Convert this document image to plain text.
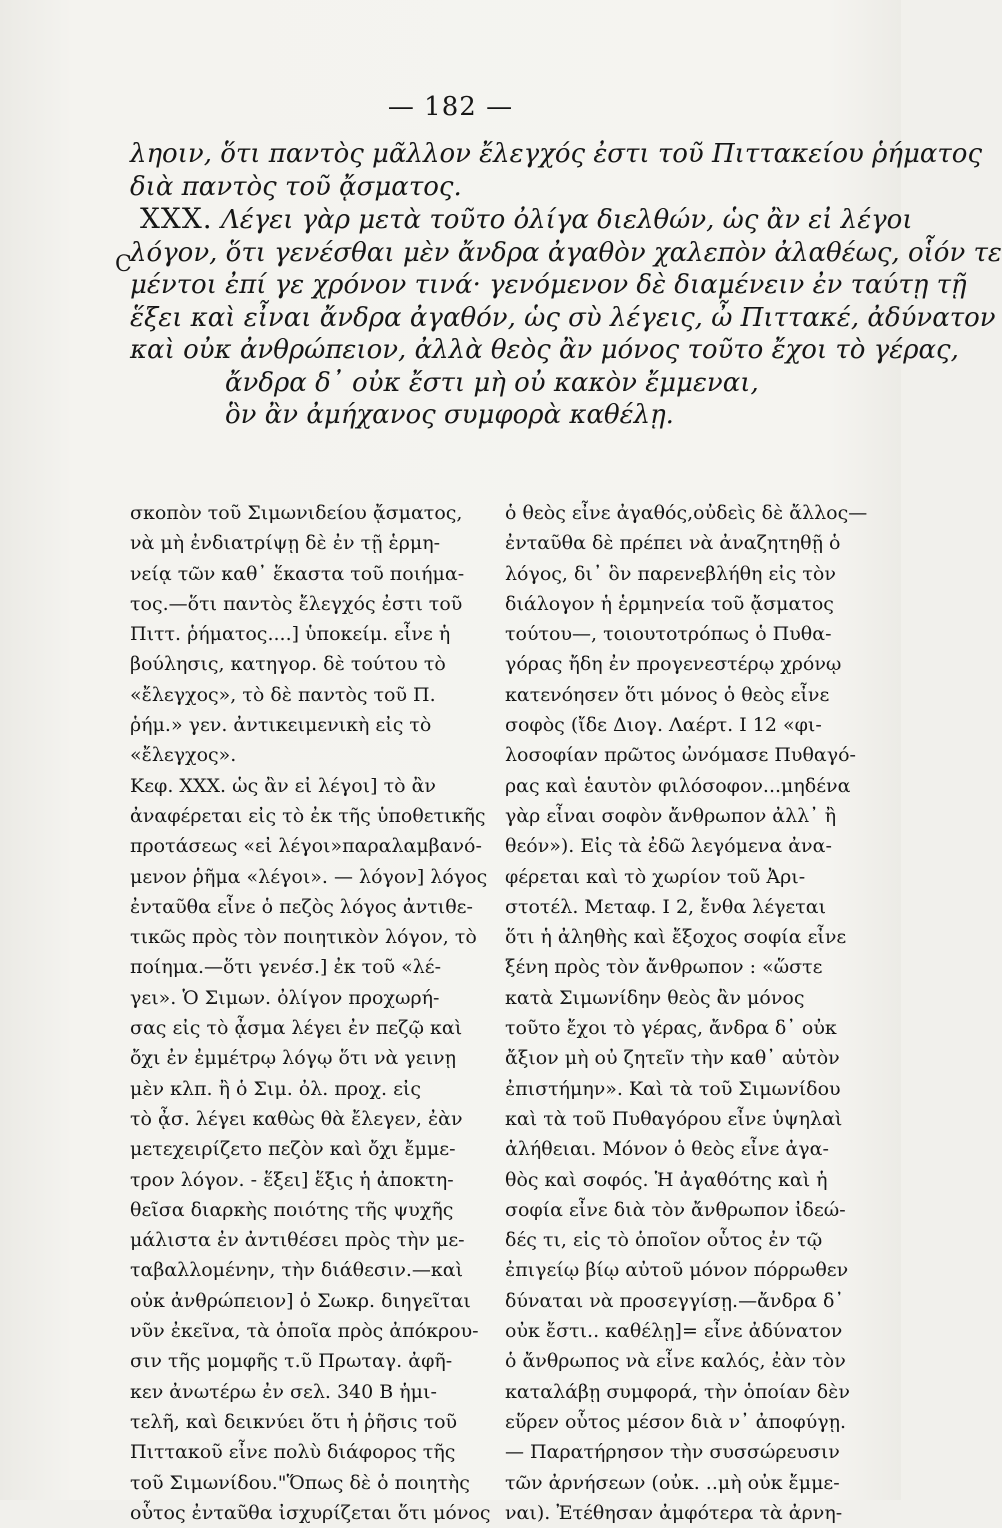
— 182 —
C
ληοιν, ὅτι παντὸς μᾶλλον ἔλεγχός ἐστι τοῦ Πιττακείου ῥήματος
διὰ παντὸς τοῦ ᾄσματος.
XXX. Λέγει γὰρ μετὰ τοῦτο ὀλίγα διελθών, ὡς ἂν εἰ λέγοι
λόγον, ὅτι γενέσθαι μὲν ἄνδρα ἀγαθὸν χαλεπὸν ἀλαθέως, οἷόν τε
μέντοι ἐπί γε χρόνον τινά· γενόμενον δὲ διαμένειν ἐν ταύτῃ τῇ
ἕξει καὶ εἶναι ἄνδρα ἀγαθόν, ὡς σὺ λέγεις, ὦ Πιττακέ, ἀδύνατον
καὶ οὐκ ἀνθρώπειον, ἀλλὰ θεὸς ἂν μόνος τοῦτο ἔχοι τὸ γέρας,
ἄνδρα δ᾽ οὐκ ἔστι μὴ οὐ κακὸν ἔμμεναι,
ὃν ἂν ἀμήχανος συμφορὰ καθέλῃ.
σκοπὸν τοῦ Σιμωνιδείου ᾄσματος,
νὰ μὴ ἐνδιατρίψῃ δὲ ἐν τῇ ἑρμη-
νείᾳ τῶν καθ᾽ ἕκαστα τοῦ ποιήμα-
τος.—ὅτι παντὸς ἔλεγχός ἐστι τοῦ
Πιττ. ῥήματος....] ὑποκείμ. εἶνε ἡ
βούλησις, κατηγορ. δὲ τούτου τὸ
«ἔλεγχος», τὸ δὲ παντὸς τοῦ Π.
ῥήμ.» γεν. ἀντικειμενικὴ εἰς τὸ
«ἔλεγχος».
Κεφ. XXX. ὡς ἂν εἰ λέγοι] τὸ ἂν
ἀναφέρεται εἰς τὸ ἐκ τῆς ὑποθετικῆς
προτάσεως «εἰ λέγοι»παραλαμβανό-
μενον ῥῆμα «λέγοι». — λόγον] λόγος
ἐνταῦθα εἶνε ὁ πεζὸς λόγος ἀντιθε-
τικῶς πρὸς τὸν ποιητικὸν λόγον, τὸ
ποίημα.—ὅτι γενέσ.] ἐκ τοῦ «λέ-
γει». Ὁ Σιμων. ὀλίγον προχωρή-
σας εἰς τὸ ᾆσμα λέγει ἐν πεζῷ καὶ
ὄχι ἐν ἐμμέτρῳ λόγῳ ὅτι νὰ γεινῃ
μὲν κλπ. ἢ ὁ Σιμ. ὀλ. προχ. εἰς
τὸ ᾆσ. λέγει καθὼς θὰ ἔλεγεν, ἐὰν
μετεχειρίζετο πεζὸν καὶ ὄχι ἔμμε-
τρον λόγον. - ἕξει] ἕξις ἡ ἀποκτη-
θεῖσα διαρκὴς ποιότης τῆς ψυχῆς
μάλιστα ἐν ἀντιθέσει πρὸς τὴν με-
ταβαλλομένην, τὴν διάθεσιν.—καὶ
οὐκ ἀνθρώπειον] ὁ Σωκρ. διηγεῖται
νῦν ἐκεῖνα, τὰ ὁποῖα πρὸς ἀπόκρου-
σιν τῆς μομφῆς τ.ῦ Πρωταγ. ἀφῆ-
κεν ἀνωτέρω ἐν σελ. 340 Β ἡμι-
τελῆ, καὶ δεικνύει ὅτι ἡ ῥῆσις τοῦ
Πιττακοῦ εἶνε πολὺ διάφορος τῆς
τοῦ Σιμωνίδου."Ὅπως δὲ ὁ ποιητὴς
οὗτος ἐνταῦθα ἰσχυρίζεται ὅτι μόνος
ὁ θεὸς εἶνε ἀγαθός,οὐδεὶς δὲ ἄλλος—
ἐνταῦθα δὲ πρέπει νὰ ἀναζητηθῇ ὁ
λόγος, δι᾽ ὃν παρενεβλήθη εἰς τὸν
διάλογον ἡ ἑρμηνεία τοῦ ᾄσματος
τούτου—, τοιουτοτρόπως ὁ Πυθα-
γόρας ἤδη ἐν προγενεστέρῳ χρόνῳ
κατενόησεν ὅτι μόνος ὁ θεὸς εἶνε
σοφὸς (ἴδε Διογ. Λαέρτ. Ι 12 «φι-
λοσοφίαν πρῶτος ὠνόμασε Πυθαγό-
ρας καὶ ἑαυτὸν φιλόσοφον...μηδένα
γὰρ εἶναι σοφὸν ἄνθρωπον ἀλλ᾽ ἢ
θεόν»). Εἰς τὰ ἐδῶ λεγόμενα ἀνα-
φέρεται καὶ τὸ χωρίον τοῦ Ἀρι-
στοτέλ. Μεταφ. Ι 2, ἔνθα λέγεται
ὅτι ἡ ἀληθὴς καὶ ἔξοχος σοφία εἶνε
ξένη πρὸς τὸν ἄνθρωπον : «ὥστε
κατὰ Σιμωνίδην θεὸς ἂν μόνος
τοῦτο ἔχοι τὸ γέρας, ἄνδρα δ᾽ οὐκ
ἄξιον μὴ οὐ ζητεῖν τὴν καθ᾽ αὑτὸν
ἐπιστήμην». Καὶ τὰ τοῦ Σιμωνίδου
καὶ τὰ τοῦ Πυθαγόρου εἶνε ὑψηλαὶ
ἀλήθειαι. Μόνον ὁ θεὸς εἶνε ἀγα-
θὸς καὶ σοφός. Ἡ ἀγαθότης καὶ ἡ
σοφία εἶνε διὰ τὸν ἄνθρωπον ἰδεώ-
δές τι, εἰς τὸ ὁποῖον οὗτος ἐν τῷ
ἐπιγείῳ βίῳ αὐτοῦ μόνον πόρρωθεν
δύναται νὰ προσεγγίσῃ.—ἄνδρα δ᾽
οὐκ ἔστι.. καθέλῃ]= εἶνε ἀδύνατον
ὁ ἄνθρωπος νὰ εἶνε καλός, ἐὰν τὸν
καταλάβῃ συμφορά, τὴν ὁποίαν δὲν
εὕρεν οὗτος μέσον διὰ ν᾽ ἀποφύγῃ.
— Παρατήρησον τὴν συσσώρευσιν
τῶν ἀρνήσεων (οὐκ. ..μὴ οὐκ ἔμμε-
ναι). Ἐτέθησαν ἀμφότερα τὰ ἀρνη-
